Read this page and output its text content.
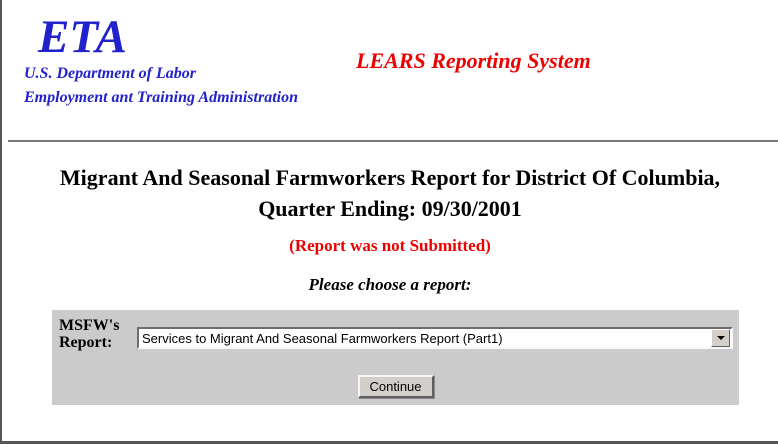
ETA
U.S. Department of Labor
Employment ant Training Administration
LEARS Reporting System
Migrant And Seasonal Farmworkers Report for District Of Columbia,
Quarter Ending: 09/30/2001
(Report was not Submitted)
Please choose a report:
MSFW's
Report:	Services to Migrant And Seasonal Farmworkers Report (Part1)
Continue
